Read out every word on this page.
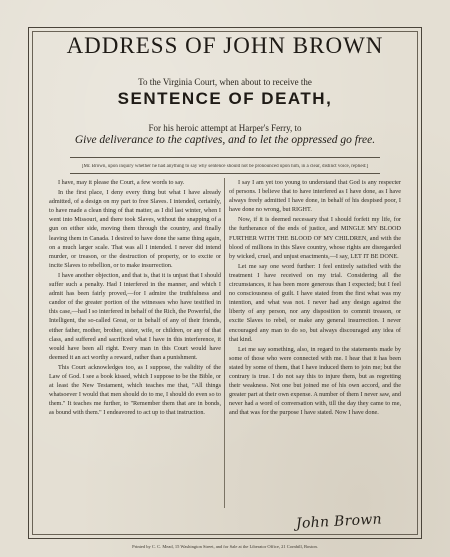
ADDRESS OF JOHN BROWN
To the Virginia Court, when about to receive the
SENTENCE OF DEATH,
For his heroic attempt at Harper's Ferry, to
Give deliverance to the captives, and to let the oppressed go free.
[Mr. Brown, upon inquiry whether he had anything to say why sentence should not be pronounced upon him, in a clear, distinct voice, replied:]

I have, may it please the Court, a few words to say.

In the first place, I deny every thing but what I have already admitted, of a design on my part to free Slaves. I intended, certainly, to have made a clean thing of that matter, as I did last winter, when I went into Missouri, and there took Slaves, without the snapping of a gun on either side, moving them through the country, and finally leaving them in Canada. I desired to have done the same thing again, on a much larger scale. That was all I intended. I never did intend murder, or treason, or the destruction of property, or to excite or incite Slaves to rebellion, or to make insurrection.

I have another objection, and that is, that it is unjust that I should suffer such a penalty. Had I interfered in the manner, and which I admit has been fairly proved,—for I admire the truthfulness and candor of the greater portion of the witnesses who have testified in this case,—had I so interfered in behalf of the Rich, the Powerful, the Intelligent, the so-called Great, or in behalf of any of their friends, either father, mother, brother, sister, wife, or children, or any of that class, and suffered and sacrificed what I have in this interference, it would have been all right. Every man in this Court would have deemed it an act worthy a reward, rather than a punishment.

This Court acknowledges too, as I suppose, the validity of the Law of God. I see a book kissed, which I suppose to be the Bible, or at least the New Testament, which teaches me that, "All things whatsoever I would that men should do to me, I should do even so to them." It teaches me further, to "Remember them that are in bonds, as bound with them." I endeavored to act up to that instruction.

I say I am yet too young to understand that God is any respecter of persons. I believe that to have interfered as I have done, as I have always freely admitted I have done, in behalf of his despised poor, I have done no wrong, but RIGHT.

Now, if it is deemed necessary that I should forfeit my life, for the furtherance of the ends of justice, and MINGLE MY BLOOD FURTHER WITH THE BLOOD OF MY CHILDREN, and with the blood of millions in this Slave country, whose rights are disregarded by wicked, cruel, and unjust enactments,—I say, LET IT BE DONE.

Let me say one word further: I feel entirely satisfied with the treatment I have received on my trial. Considering all the circumstances, it has been more generous than I expected; but I feel no consciousness of guilt. I have stated from the first what was my intention, and what was not. I never had any design against the liberty of any person, nor any disposition to commit treason, or excite Slaves to rebel, or make any general insurrection. I never encouraged any man to do so, but always discouraged any idea of that kind.

Let me say something, also, in regard to the statements made by some of those who were connected with me. I hear that it has been stated by some of them, that I have induced them to join me; but the contrary is true. I do not say this to injure them, but as regretting their weakness. Not one but joined me of his own accord, and the greater part at their own expense. A number of them I never saw, and never had a word of conversation with, till the day they came to me, and that was for the purpose I have stated. Now I have done.

John Brown
Printed by C. C. Mead, 15 Washington Street, and for Sale at the Liberator Office, 21 Cornhill, Boston.
